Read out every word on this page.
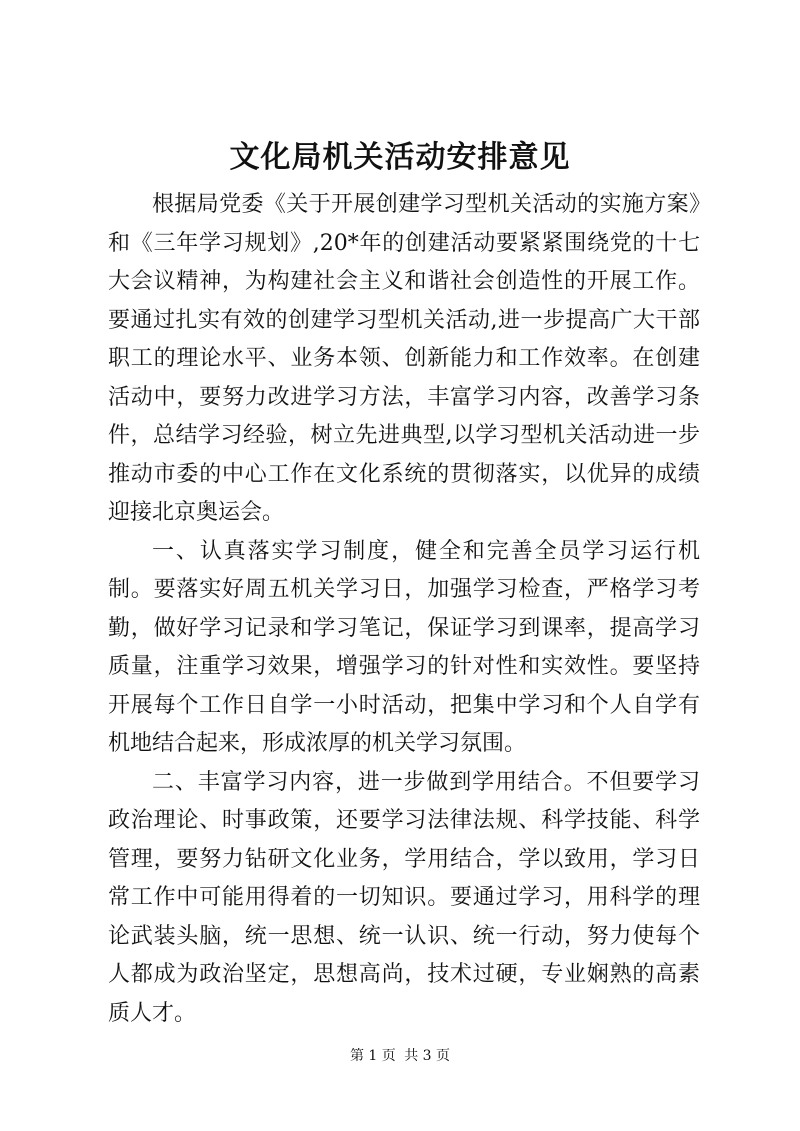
文化局机关活动安排意见

根据局党委《关于开展创建学习型机关活动的实施方案》和《三年学习规划》,20*年的创建活动要紧紧围绕党的十七大会议精神，为构建社会主义和谐社会创造性的开展工作。要通过扎实有效的创建学习型机关活动,进一步提高广大干部职工的理论水平、业务本领、创新能力和工作效率。在创建活动中，要努力改进学习方法，丰富学习内容，改善学习条件，总结学习经验，树立先进典型,以学习型机关活动进一步推动市委的中心工作在文化系统的贯彻落实，以优异的成绩迎接北京奥运会。

一、认真落实学习制度，健全和完善全员学习运行机制。要落实好周五机关学习日，加强学习检查，严格学习考勤，做好学习记录和学习笔记，保证学习到课率，提高学习质量，注重学习效果，增强学习的针对性和实效性。要坚持开展每个工作日自学一小时活动，把集中学习和个人自学有机地结合起来，形成浓厚的机关学习氛围。

二、丰富学习内容，进一步做到学用结合。不但要学习政治理论、时事政策，还要学习法律法规、科学技能、科学管理，要努力钻研文化业务，学用结合，学以致用，学习日常工作中可能用得着的一切知识。要通过学习，用科学的理论武装头脑，统一思想、统一认识、统一行动，努力使每个人都成为政治坚定，思想高尚，技术过硬，专业娴熟的高素质人才。

第 1 页 共 3 页
